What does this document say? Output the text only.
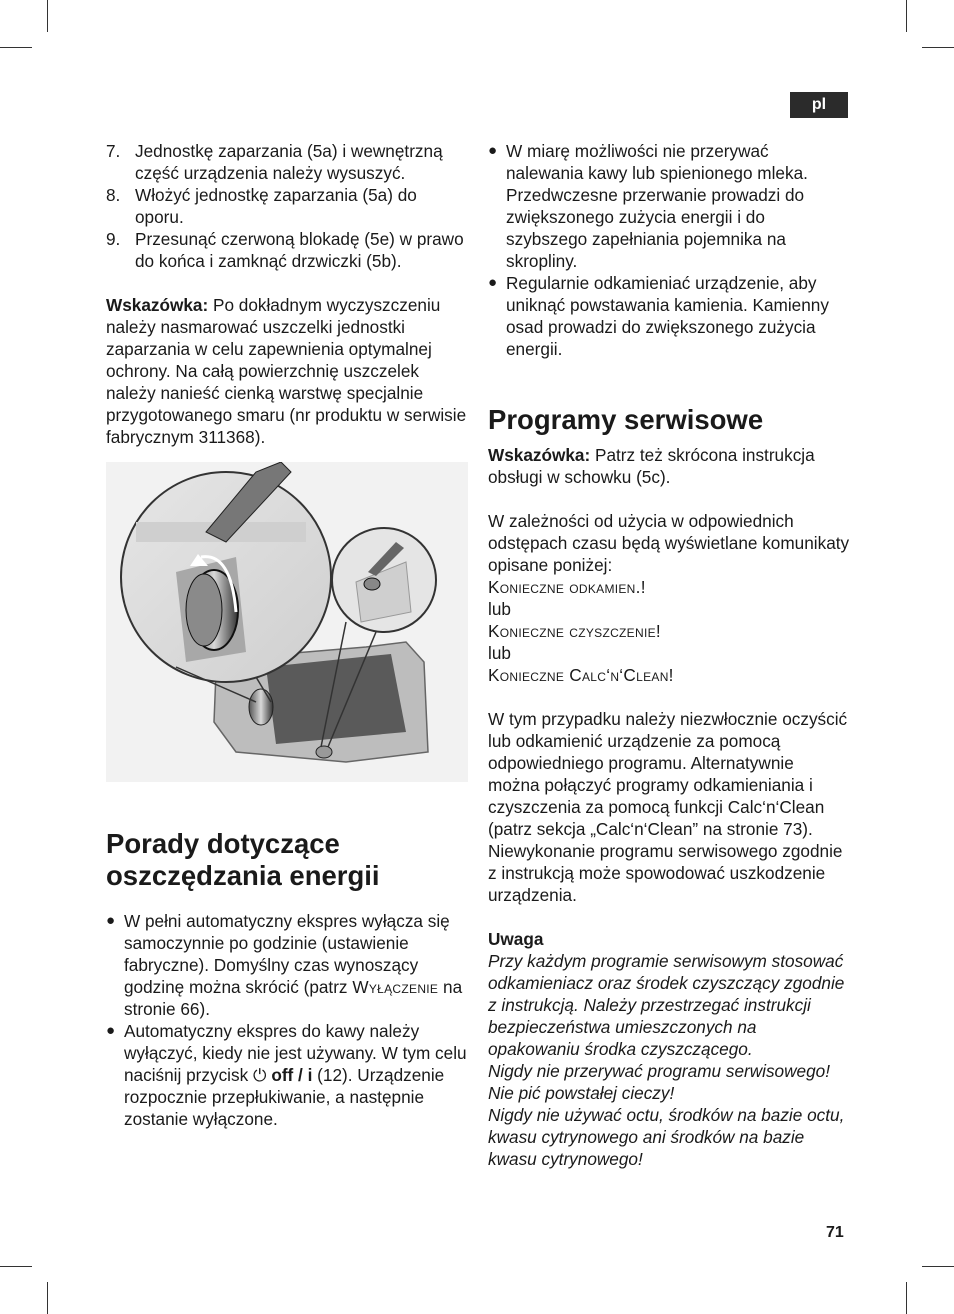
pl
7. Jednostkę zaparzania (5a) i wewnętrzną część urządzenia należy wysuszyć.
8. Włożyć jednostkę zaparzania (5a) do oporu.
9. Przesunąć czerwoną blokadę (5e) w prawo do końca i zamknąć drzwiczki (5b).

Wskazówka: Po dokładnym wyczyszczeniu należy nasmarować uszczelki jednostki zaparzania w celu zapewnienia optymalnej ochrony. Na całą powierzchnię uszczelek należy nanieść cienką warstwę specjalnie przygotowanego smaru (nr produktu w serwisie fabrycznym 311368).

Porady dotyczące
oszczędzania energii
● W pełni automatyczny ekspres wyłącza się samoczynnie po godzinie (ustawienie fabryczne). Domyślny czas wynoszący godzinę można skrócić (patrz Wyłączenie na stronie 66).
● Automatyczny ekspres do kawy należy wyłączyć, kiedy nie jest używany. W tym celu naciśnij przycisk ⏻ off / i (12). Urządzenie rozpocznie przepłukiwanie, a następnie zostanie wyłączone.
● W miarę możliwości nie przerywać nalewania kawy lub spienionego mleka. Przedwczesne przerwanie prowadzi do zwiększonego zużycia energii i do szybszego zapełniania pojemnika na skropliny.
● Regularnie odkamieniać urządzenie, aby uniknąć powstawania kamienia. Kamienny osad prowadzi do zwiększonego zużycia energii.
Programy serwisowe

Wskazówka: Patrz też skrócona instrukcja obsługi w schowku (5c).

W zależności od użycia w odpowiednich odstępach czasu będą wyświetlane komunikaty opisane poniżej:

Konieczne odkamien.!

lub

Konieczne czyszczenie!

lub

Konieczne Calc‘n‘Clean!

W tym przypadku należy niezwłocznie oczyścić lub odkamienić urządzenie za pomocą odpowiedniego programu. Alternatywnie można połączyć programy odkamieniania i czyszczenia za pomocą funkcji Calc‘n‘Clean (patrz sekcja „Calc‘n‘Clean” na stronie 73). Niewykonanie programu serwisowego zgodnie z instrukcją może spowodować uszkodzenie urządzenia.

Uwaga

Przy każdym programie serwisowym stosować odkamieniacz oraz środek czyszczący zgodnie z instrukcją. Należy przestrzegać instrukcji bezpieczeństwa umieszczonych na opakowaniu środka czyszczącego.

Nigdy nie przerywać programu serwisowego!

Nie pić powstałej cieczy!

Nigdy nie używać octu, środków na bazie octu, kwasu cytrynowego ani środków na bazie kwasu cytrynowego!

71
